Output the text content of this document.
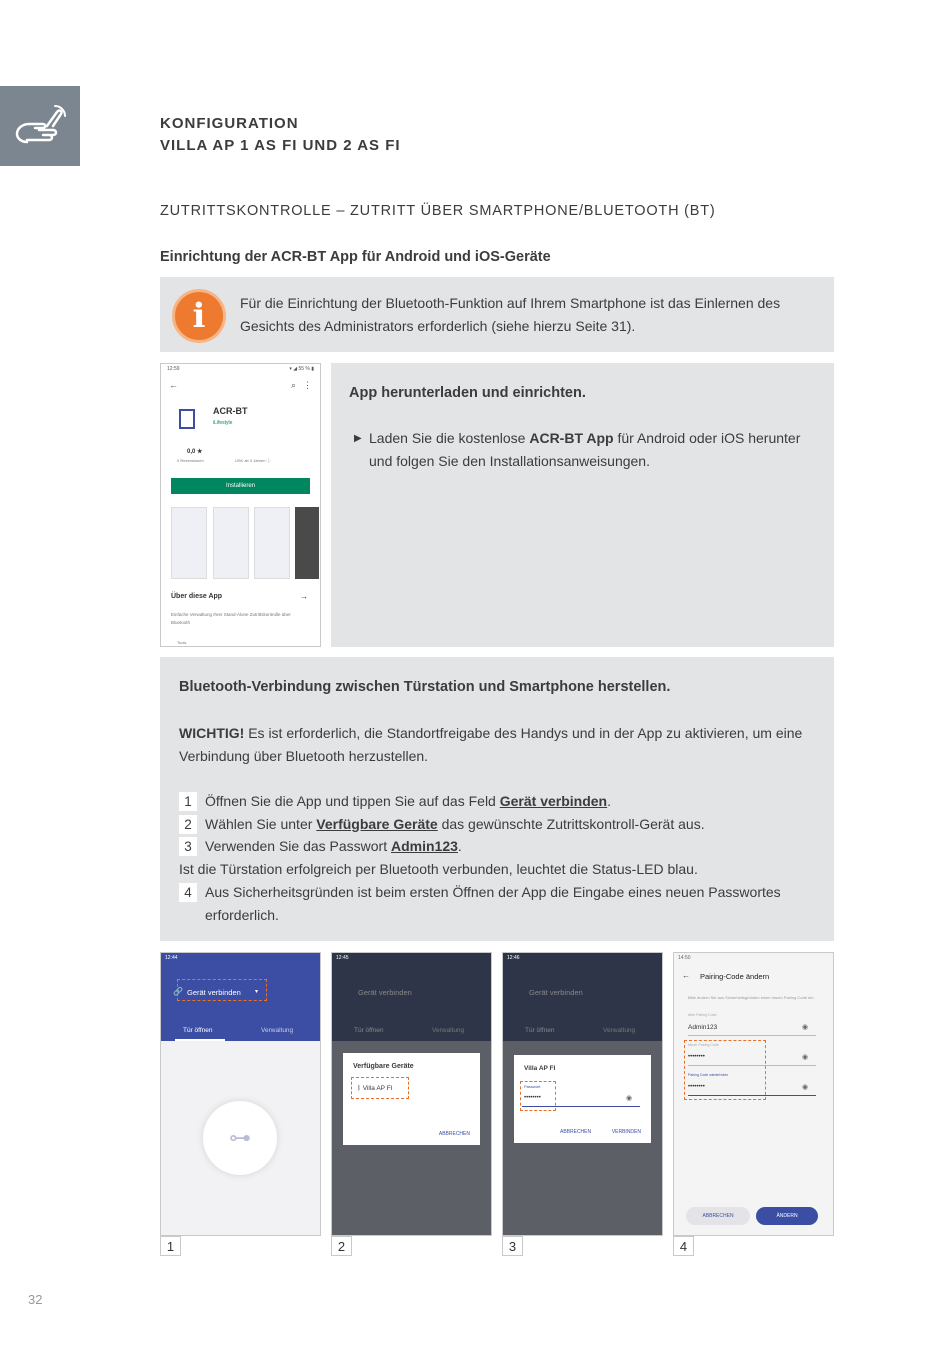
KONFIGURATION
VILLA AP 1 AS FI UND 2 AS FI
ZUTRITTSKONTROLLE – ZUTRITT ÜBER SMARTPHONE/BLUETOOTH (BT)
Einrichtung der ACR-BT App für Android und iOS-Geräte
i	Für die Einrichtung der Bluetooth-Funktion auf Ihrem Smartphone ist das Einlernen des Gesichts des Administrators erforderlich (siehe hierzu Seite 31).
12:59	▾ ◢ 55 % ▮
←	⌕ ⋮
ACR-BT
iLifestyle
0,0 ★
0 Rezensionen	USK ab 0 Jahren ⓘ
Installieren
Über diese App	→
Einfache Verwaltung Ihrer Stand-Alone Zutrittskontrolle über Bluetooth
Tools
App herunterladen und einrichten.
▶ Laden Sie die kostenlose ACR-BT App für Android oder iOS herunter und folgen Sie den Installationsanweisungen.
Bluetooth-Verbindung zwischen Türstation und Smartphone herstellen.
WICHTIG! Es ist erforderlich, die Standortfreigabe des Handys und in der App zu aktivieren, um eine Verbindung über Bluetooth herzustellen.
1 Öffnen Sie die App und tippen Sie auf das Feld Gerät verbinden.
2 Wählen Sie unter Verfügbare Geräte das gewünschte Zutrittskontroll-Gerät aus.
3 Verwenden Sie das Passwort Admin123.
Ist die Türstation erfolgreich per Bluetooth verbunden, leuchtet die Status-LED blau.
4 Aus Sicherheitsgründen ist beim ersten Öffnen der App die Eingabe eines neuen Passwortes erforderlich.
12:44
🔗 Gerät verbinden ▾
Tür öffnen	Verwaltung
⊶
1
12:45
Gerät verbinden
Tür öffnen	Verwaltung
Verfügbare Geräte
ᛒ Villa AP FI
ABBRECHEN
2
12:46
Gerät verbinden
Tür öffnen	Verwaltung
Villa AP FI
Passwort
••••••••	◉
ABBRECHEN	VERBINDEN
3
14:50
← Pairing-Code ändern
Bitte ändern Sie aus Sicherheitsgründen einen neuen Pairing Code ein.
Alter Pairing Code
Admin123	◉
Neuer Pairing Code
••••••••	◉
Pairing Code wiederholen
••••••••	◉
ABBRECHEN	ÄNDERN
4
32
